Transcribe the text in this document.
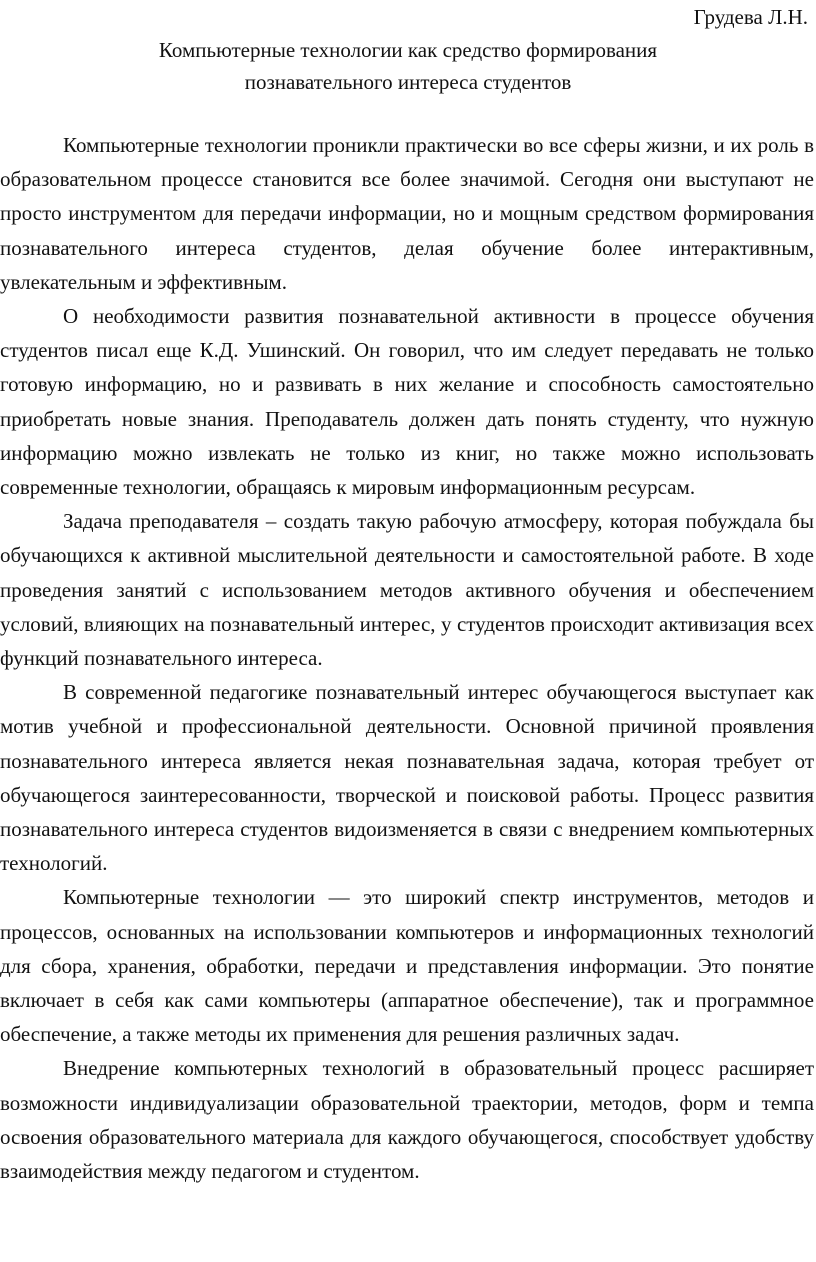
Грудева Л.Н.

Компьютерные технологии как средство формирования
познавательного интереса студентов

Компьютерные технологии проникли практически во все сферы жизни, и их роль в образовательном процессе становится все более значимой. Сегодня они выступают не просто инструментом для передачи информации, но и мощным средством формирования познавательного интереса студентов, делая обучение более интерактивным, увлекательным и эффективным.

О необходимости развития познавательной активности в процессе обучения студентов писал еще К.Д. Ушинский. Он говорил, что им следует передавать не только готовую информацию, но и развивать в них желание и способность самостоятельно приобретать новые знания. Преподаватель должен дать понять студенту, что нужную информацию можно извлекать не только из книг, но также можно использовать современные технологии, обращаясь к мировым информационным ресурсам.

Задача преподавателя – создать такую рабочую атмосферу, которая побуждала бы обучающихся к активной мыслительной деятельности и самостоятельной работе. В ходе проведения занятий с использованием методов активного обучения и обеспечением условий, влияющих на познавательный интерес, у студентов происходит активизация всех функций познавательного интереса.

В современной педагогике познавательный интерес обучающегося выступает как мотив учебной и профессиональной деятельности. Основной причиной проявления познавательного интереса является некая познавательная задача, которая требует от обучающегося заинтересованности, творческой и поисковой работы. Процесс развития познавательного интереса студентов видоизменяется в связи с внедрением компьютерных технологий.

Компьютерные технологии — это широкий спектр инструментов, методов и процессов, основанных на использовании компьютеров и информационных технологий для сбора, хранения, обработки, передачи и представления информации. Это понятие включает в себя как сами компьютеры (аппаратное обеспечение), так и программное обеспечение, а также методы их применения для решения различных задач.

Внедрение компьютерных технологий в образовательный процесс расширяет возможности индивидуализации образовательной траектории, методов, форм и темпа освоения образовательного материала для каждого обучающегося, способствует удобству взаимодействия между педагогом и студентом.
